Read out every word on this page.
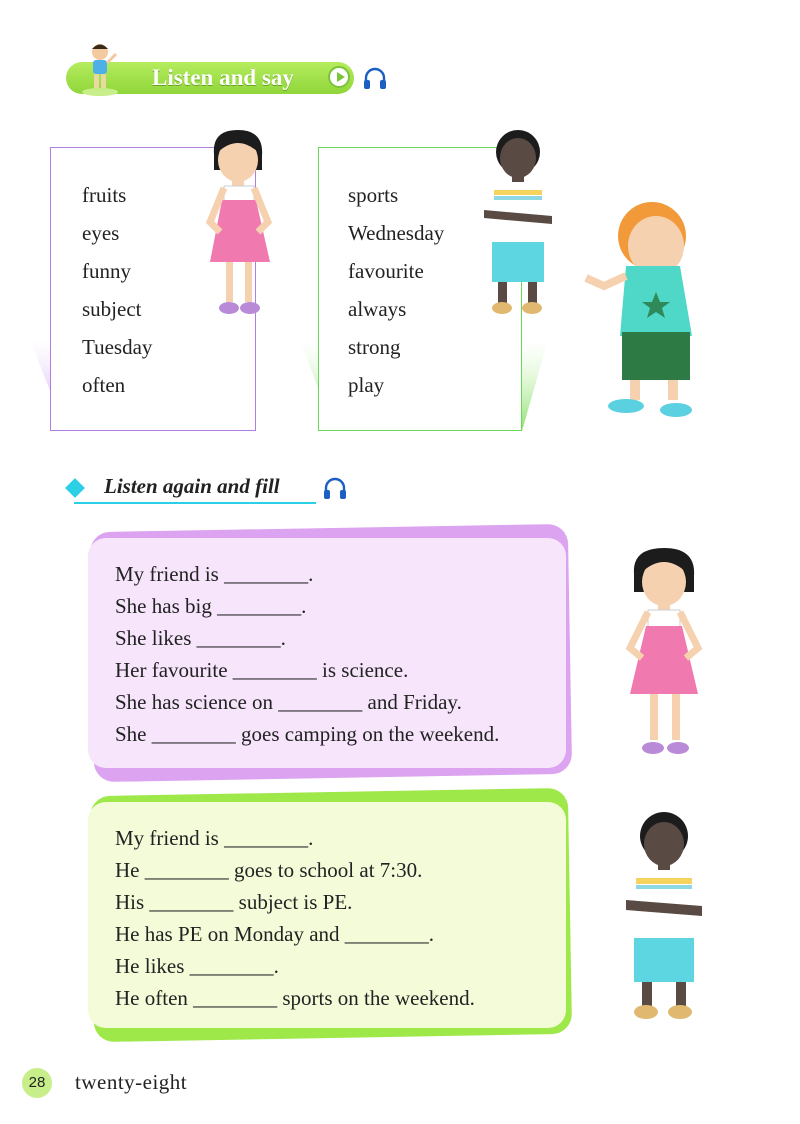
Listen and say
fruits
eyes
funny
subject
Tuesday
often
sports
Wednesday
favourite
always
strong
play
Listen again and fill
My friend is ________.
She has big ________.
She likes ________.
Her favourite ________ is science.
She has science on ________ and Friday.
She ________ goes camping on the weekend.
My friend is ________.
He ________ goes to school at 7:30.
His ________ subject is PE.
He has PE on Monday and ________.
He likes ________.
He often ________ sports on the weekend.
28	twenty-eight
